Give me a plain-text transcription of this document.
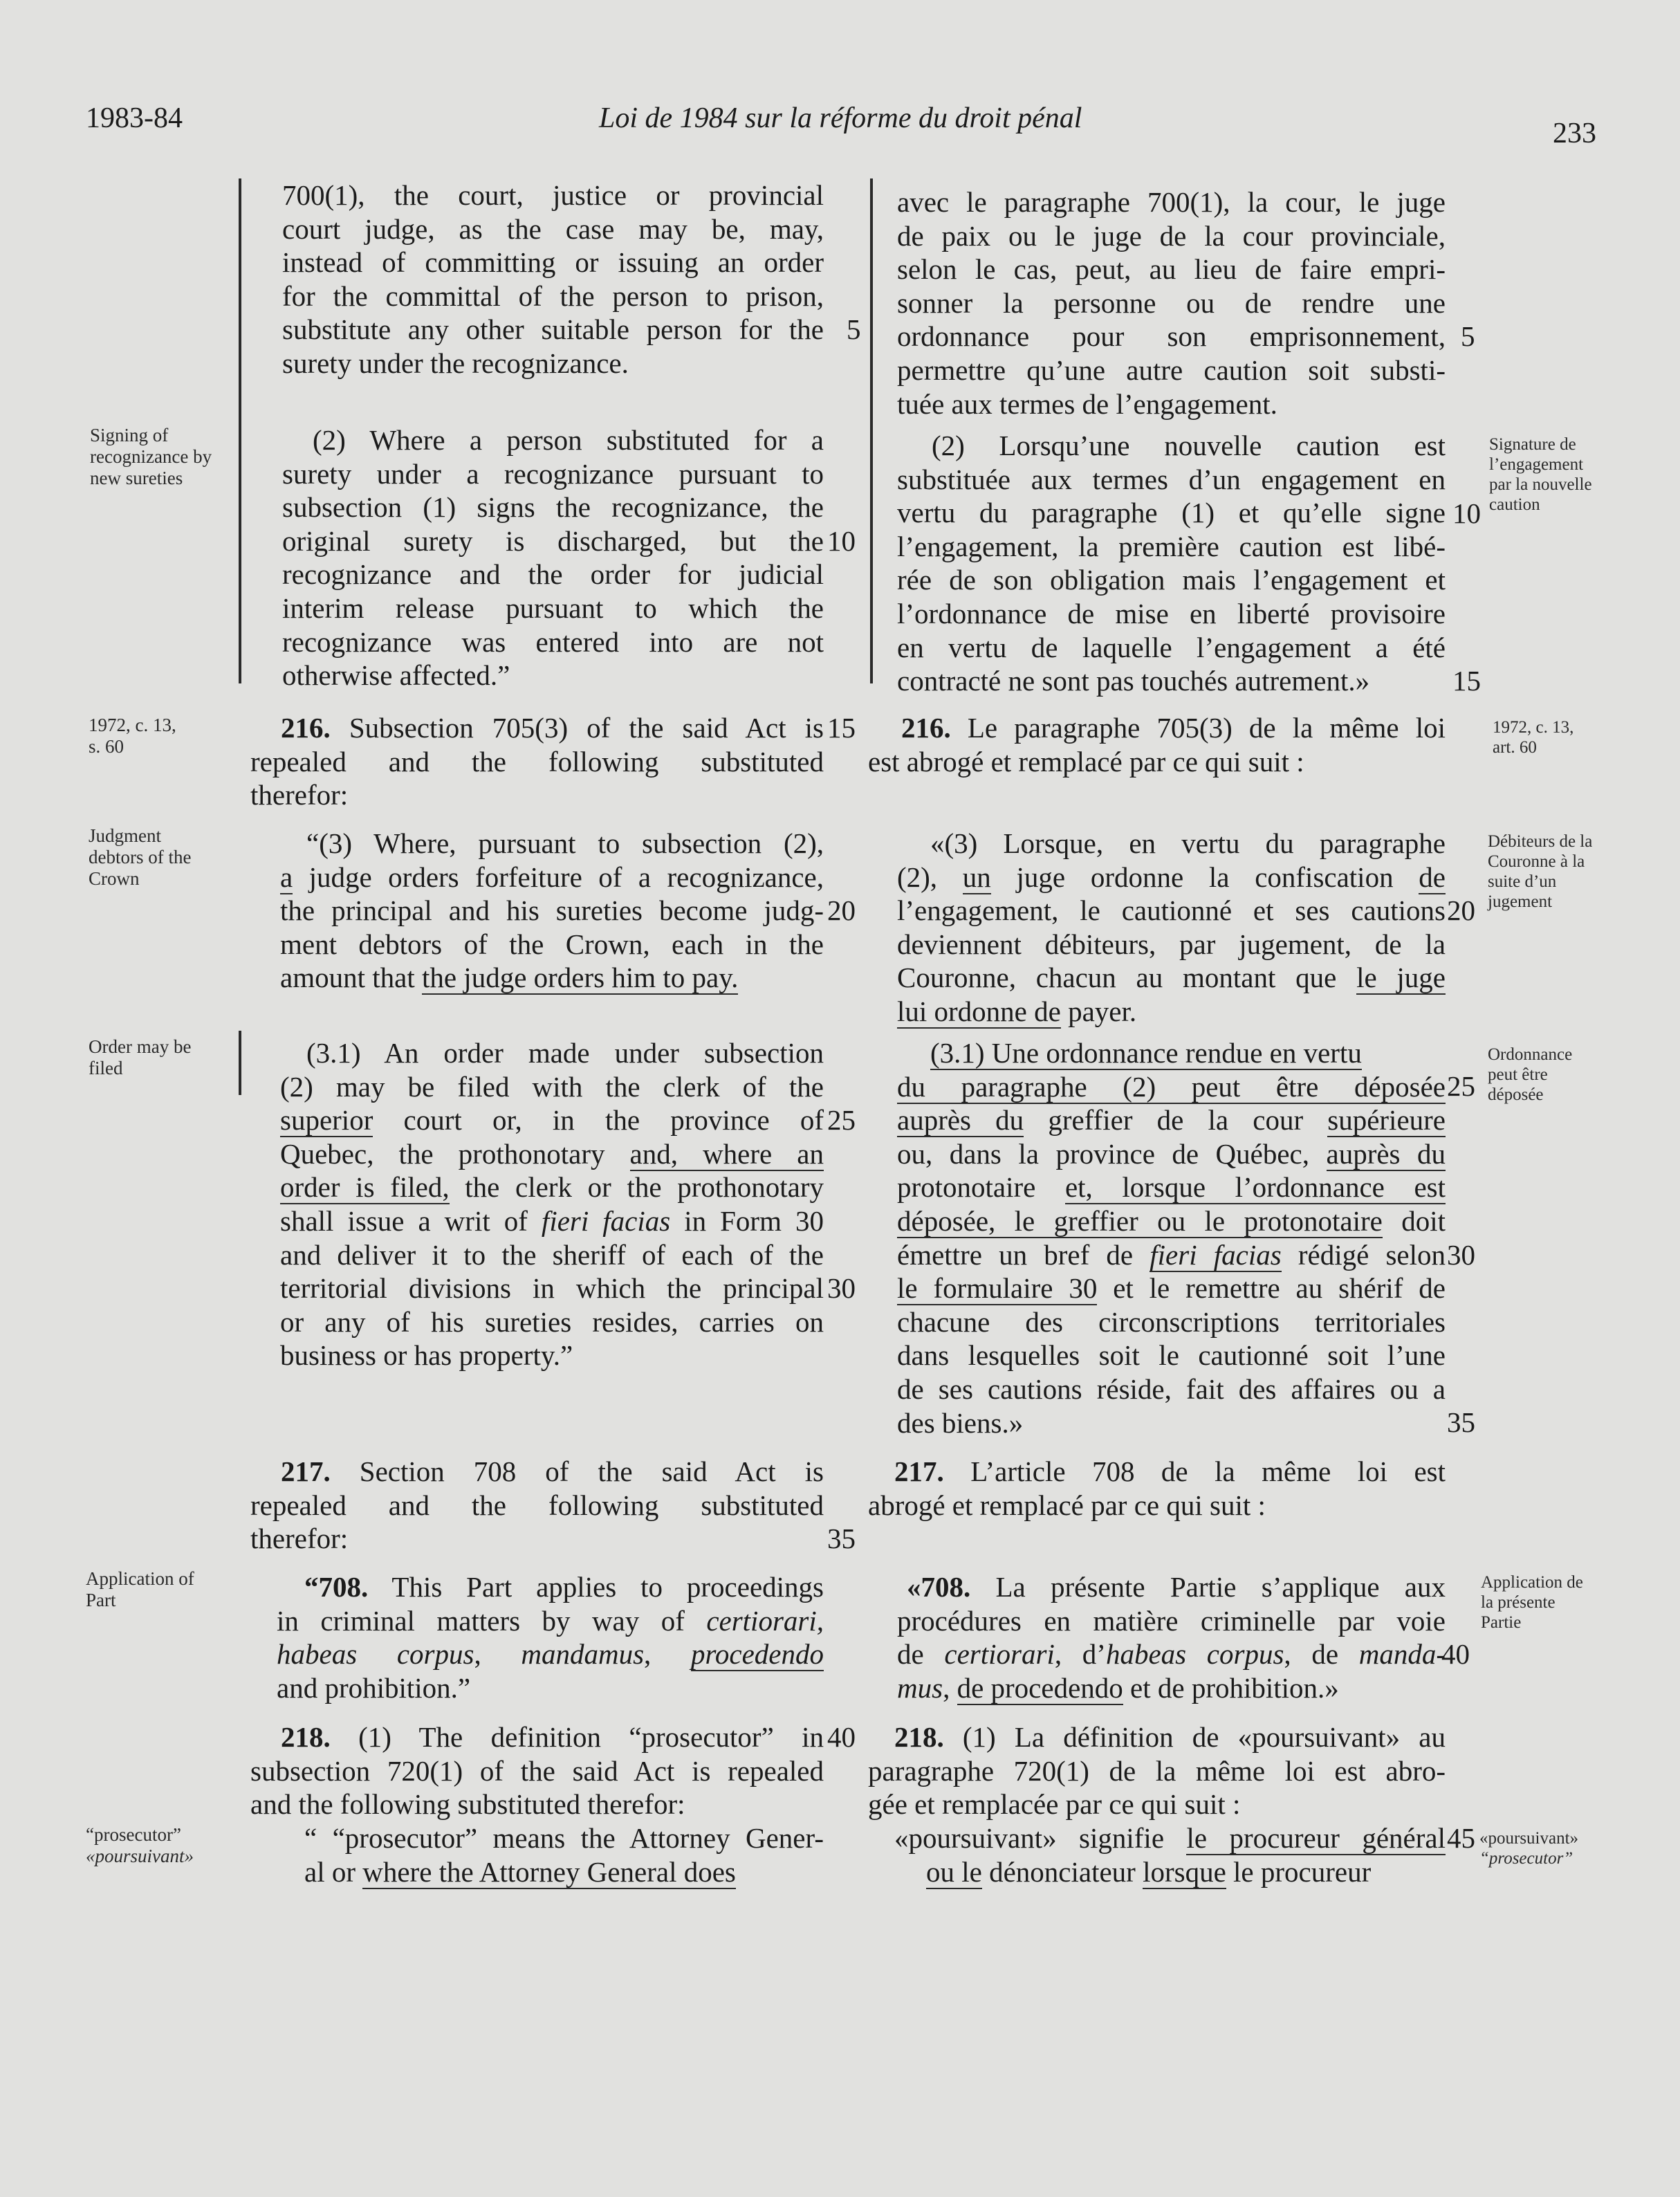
1983-84	Loi de 1984 sur la réforme du droit pénal	233
700(1), the court, justice or provincial
court judge, as the case may be, may,
instead of committing or issuing an order
for the committal of the person to prison,
substitute any other suitable person for the
surety under the recognizance.
(2) Where a person substituted for a
surety under a recognizance pursuant to
subsection (1) signs the recognizance, the
original surety is discharged, but the
recognizance and the order for judicial
interim release pursuant to which the
recognizance was entered into are not
otherwise affected.”
216. Subsection 705(3) of the said Act is
repealed and the following substituted
therefor:
“(3) Where, pursuant to subsection (2),
a judge orders forfeiture of a recognizance,
the principal and his sureties become judg-
ment debtors of the Crown, each in the
amount that the judge orders him to pay.
(3.1) An order made under subsection
(2) may be filed with the clerk of the
superior court or, in the province of
Quebec, the prothonotary and, where an
order is filed, the clerk or the prothonotary
shall issue a writ of fieri facias in Form 30
and deliver it to the sheriff of each of the
territorial divisions in which the principal
or any of his sureties resides, carries on
business or has property.”
217. Section 708 of the said Act is
repealed and the following substituted
therefor:
“708. This Part applies to proceedings
in criminal matters by way of certiorari,
habeas corpus, mandamus, procedendo
and prohibition.”
218. (1) The definition “prosecutor” in
subsection 720(1) of the said Act is repealed
and the following substituted therefor:
“ “prosecutor” means the Attorney Gener-
al or where the Attorney General does
avec le paragraphe 700(1), la cour, le juge
de paix ou le juge de la cour provinciale,
selon le cas, peut, au lieu de faire empri-
sonner la personne ou de rendre une
ordonnance pour son emprisonnement,
permettre qu’une autre caution soit substi-
tuée aux termes de l’engagement.
(2) Lorsqu’une nouvelle caution est
substituée aux termes d’un engagement en
vertu du paragraphe (1) et qu’elle signe
l’engagement, la première caution est libé-
rée de son obligation mais l’engagement et
l’ordonnance de mise en liberté provisoire
en vertu de laquelle l’engagement a été
contracté ne sont pas touchés autrement.»
216. Le paragraphe 705(3) de la même loi
est abrogé et remplacé par ce qui suit :
«(3) Lorsque, en vertu du paragraphe
(2), un juge ordonne la confiscation de
l’engagement, le cautionné et ses cautions
deviennent débiteurs, par jugement, de la
Couronne, chacun au montant que le juge
lui ordonne de payer.
(3.1) Une ordonnance rendue en vertu
du paragraphe (2) peut être déposée
auprès du greffier de la cour supérieure
ou, dans la province de Québec, auprès du
protonotaire et, lorsque l’ordonnance est
déposée, le greffier ou le protonotaire doit
émettre un bref de fieri facias rédigé selon
le formulaire 30 et le remettre au shérif de
chacune des circonscriptions territoriales
dans lesquelles soit le cautionné soit l’une
de ses cautions réside, fait des affaires ou a
des biens.»
217. L’article 708 de la même loi est
abrogé et remplacé par ce qui suit :
«708. La présente Partie s’applique aux
procédures en matière criminelle par voie
de certiorari, d’habeas corpus, de manda-
mus, de procedendo et de prohibition.»
218. (1) La définition de «poursuivant» au
paragraphe 720(1) de la même loi est abro-
gée et remplacée par ce qui suit :
«poursuivant» signifie le procureur général
ou le dénonciateur lorsque le procureur
5
10
15
20
25
30
35
40
5
10
15
20
25
30
35
40
45
Signing of
recognizance by
new sureties
1972, c. 13,
s. 60
Judgment
debtors of the
Crown
Order may be
filed
Application of
Part
“prosecutor”
«poursuivant»
Signature de
l’engagement
par la nouvelle
caution
1972, c. 13,
art. 60
Débiteurs de la
Couronne à la
suite d’un
jugement
Ordonnance
peut être
déposée
Application de
la présente
Partie
«poursuivant»
“prosecutor”
